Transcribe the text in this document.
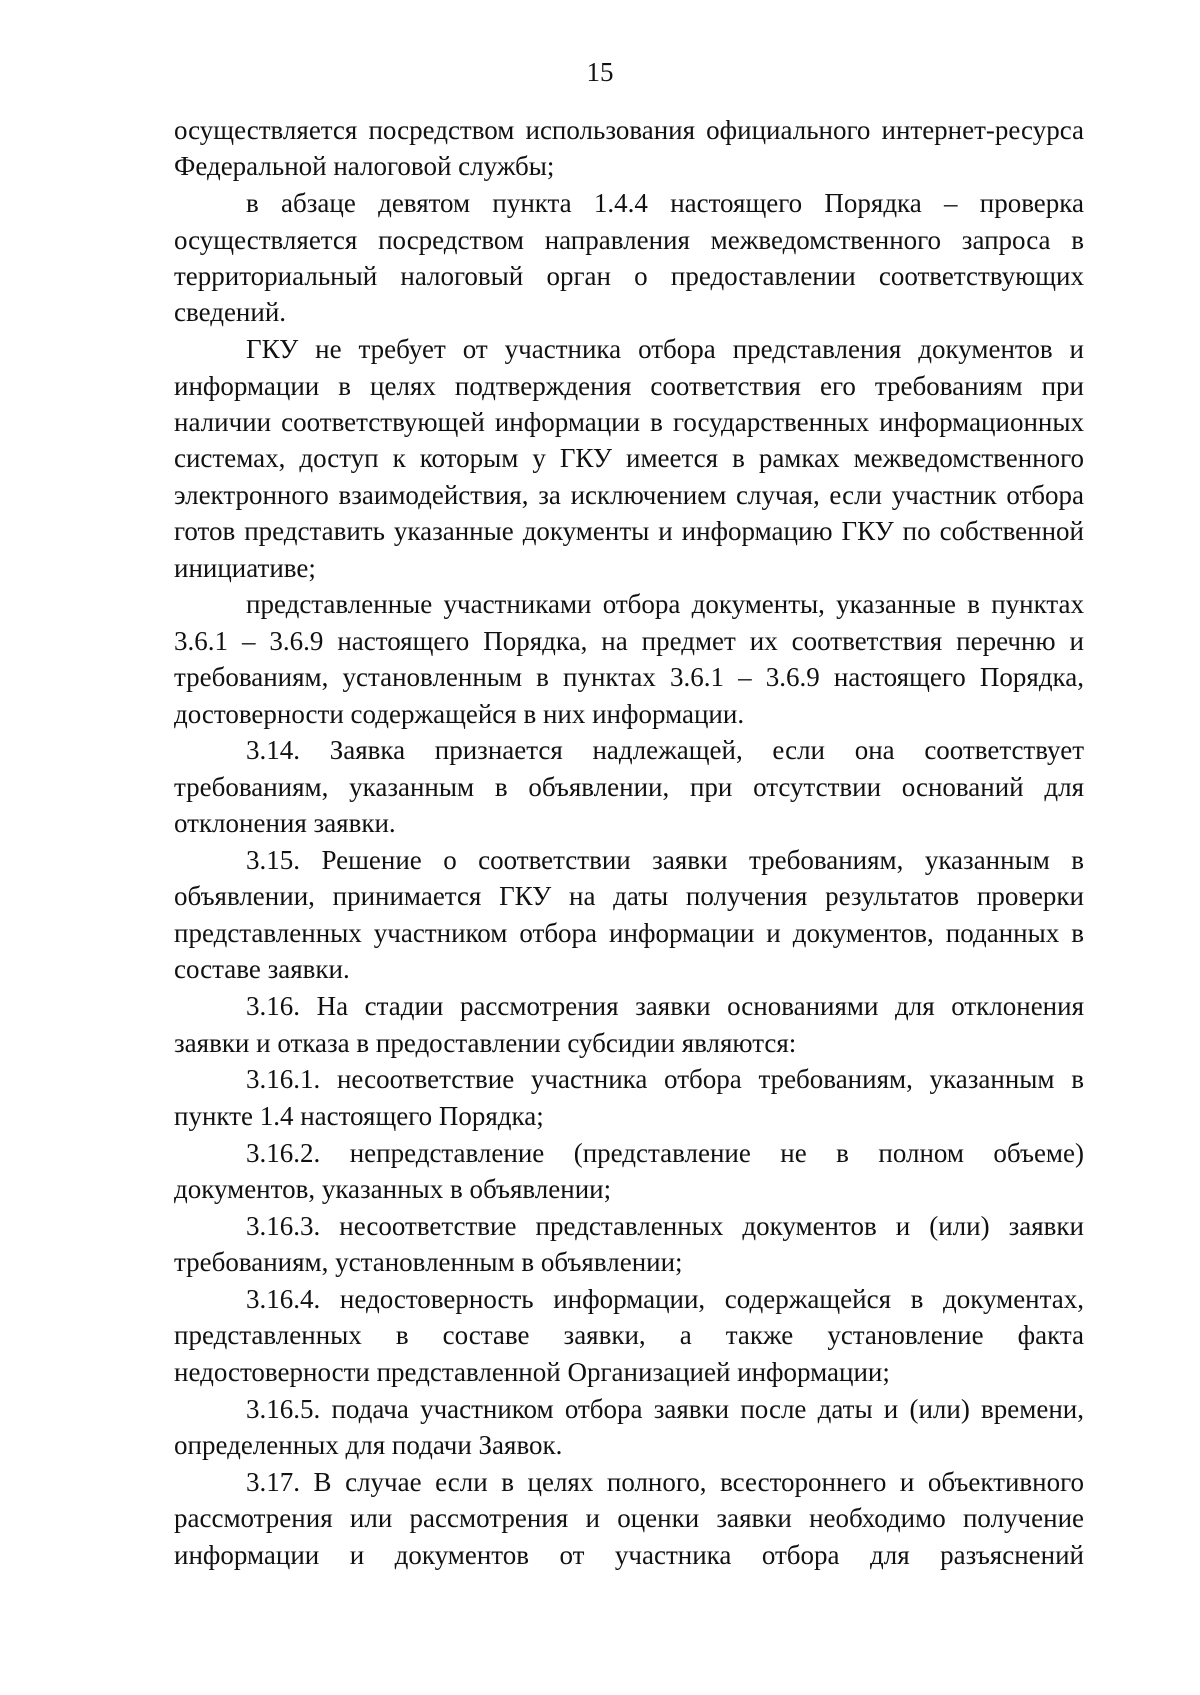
15

осуществляется посредством использования официального интернет-ресурса Федеральной налоговой службы;

в абзаце девятом пункта 1.4.4 настоящего Порядка – проверка осуществляется посредством направления межведомственного запроса в территориальный налоговый орган о предоставлении соответствующих сведений.

ГКУ не требует от участника отбора представления документов и информации в целях подтверждения соответствия его требованиям при наличии соответствующей информации в государственных информационных системах, доступ к которым у ГКУ имеется в рамках межведомственного электронного взаимодействия, за исключением случая, если участник отбора готов представить указанные документы и информацию ГКУ по собственной инициативе;

представленные участниками отбора документы, указанные в пунктах 3.6.1 – 3.6.9 настоящего Порядка, на предмет их соответствия перечню и требованиям, установленным в пунктах 3.6.1 – 3.6.9 настоящего Порядка, достоверности содержащейся в них информации.

3.14. Заявка признается надлежащей, если она соответствует требованиям, указанным в объявлении, при отсутствии оснований для отклонения заявки.

3.15. Решение о соответствии заявки требованиям, указанным в объявлении, принимается ГКУ на даты получения результатов проверки представленных участником отбора информации и документов, поданных в составе заявки.

3.16. На стадии рассмотрения заявки основаниями для отклонения заявки и отказа в предоставлении субсидии являются:

3.16.1. несоответствие участника отбора требованиям, указанным в пункте 1.4 настоящего Порядка;

3.16.2. непредставление (представление не в полном объеме) документов, указанных в объявлении;

3.16.3. несоответствие представленных документов и (или) заявки требованиям, установленным в объявлении;

3.16.4. недостоверность информации, содержащейся в документах, представленных в составе заявки, а также установление факта недостоверности представленной Организацией информации;

3.16.5. подача участником отбора заявки после даты и (или) времени, определенных для подачи Заявок.

3.17. В случае если в целях полного, всестороннего и объективного рассмотрения или рассмотрения и оценки заявки необходимо получение информации и документов от участника отбора для разъяснений
